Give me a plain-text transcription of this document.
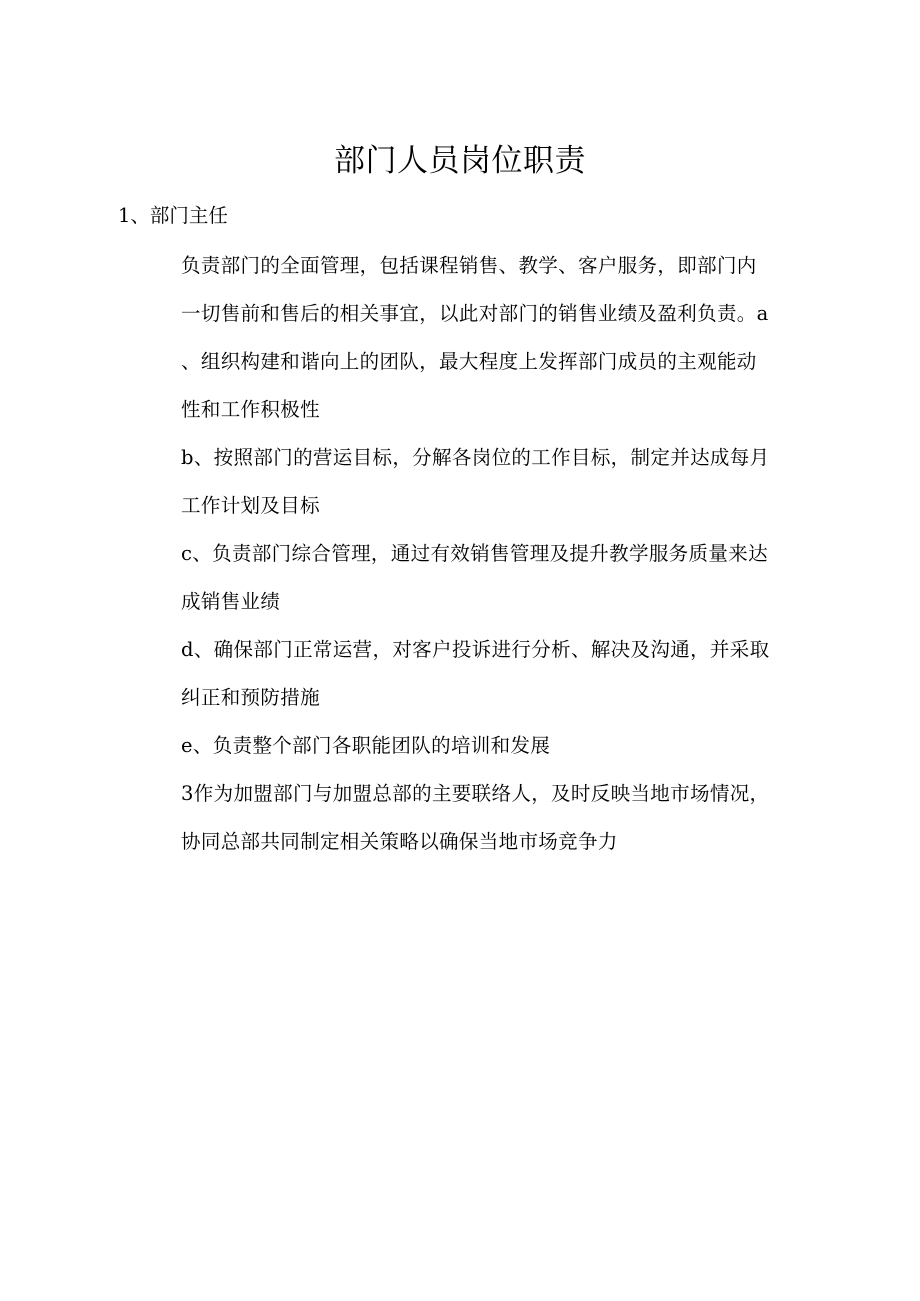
部门人员岗位职责

1、部门主任

负责部门的全面管理，包括课程销售、教学、客户服务，即部门内

一切售前和售后的相关事宜，以此对部门的销售业绩及盈利负责。a

、组织构建和谐向上的团队，最大程度上发挥部门成员的主观能动

性和工作积极性

b、按照部门的营运目标，分解各岗位的工作目标，制定并达成每月

工作计划及目标

c、负责部门综合管理，通过有效销售管理及提升教学服务质量来达

成销售业绩

d、确保部门正常运营，对客户投诉进行分析、解决及沟通，并采取

纠正和预防措施

e、负责整个部门各职能团队的培训和发展

3作为加盟部门与加盟总部的主要联络人，及时反映当地市场情况，

协同总部共同制定相关策略以确保当地市场竞争力
